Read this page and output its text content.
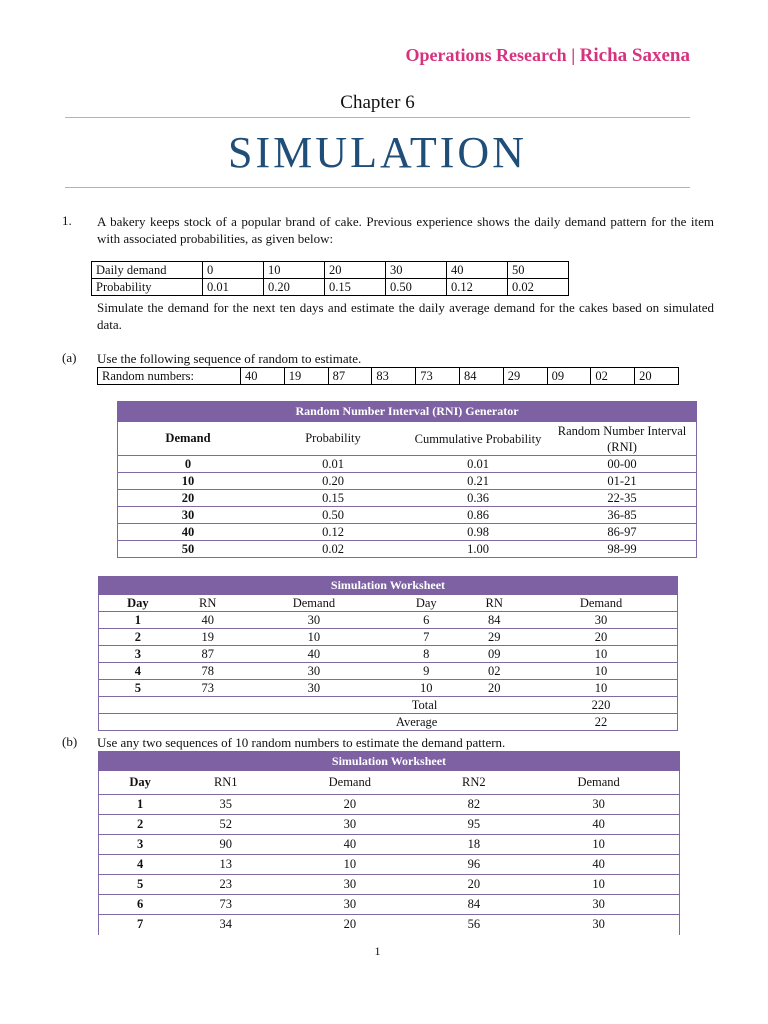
Operations Research | Richa Saxena
Chapter 6
SIMULATION
1. A bakery keeps stock of a popular brand of cake. Previous experience shows the daily demand pattern for the item with associated probabilities, as given below:
Daily demand	0	10	20	30	40	50
Probability	0.01	0.20	0.15	0.50	0.12	0.02
Simulate the demand for the next ten days and estimate the daily average demand for the cakes based on simulated data.
(a) Use the following sequence of random to estimate.
Random numbers:	40	19	87	83	73	84	29	09	02	20
Random Number Interval (RNI) Generator			
Demand	Probability	Cummulative Probability	Random Number Interval (RNI)
0	0.01	0.01	00-00
10	0.20	0.21	01-21
20	0.15	0.36	22-35
30	0.50	0.86	36-85
40	0.12	0.98	86-97
50	0.02	1.00	98-99
Simulation Worksheet					
Day	RN	Demand	Day	RN	Demand
1	40	30	6	84	30
2	19	10	7	29	20
3	87	40	8	09	10
4	78	30	9	02	10
5	73	30	10	20	10
Total					220
Average					22
(b) Use any two sequences of 10 random numbers to estimate the demand pattern.
Simulation Worksheet				
Day	RN1	Demand	RN2	Demand
1	35	20	82	30
2	52	30	95	40
3	90	40	18	10
4	13	10	96	40
5	23	30	20	10
6	73	30	84	30
7	34	20	56	30
1
